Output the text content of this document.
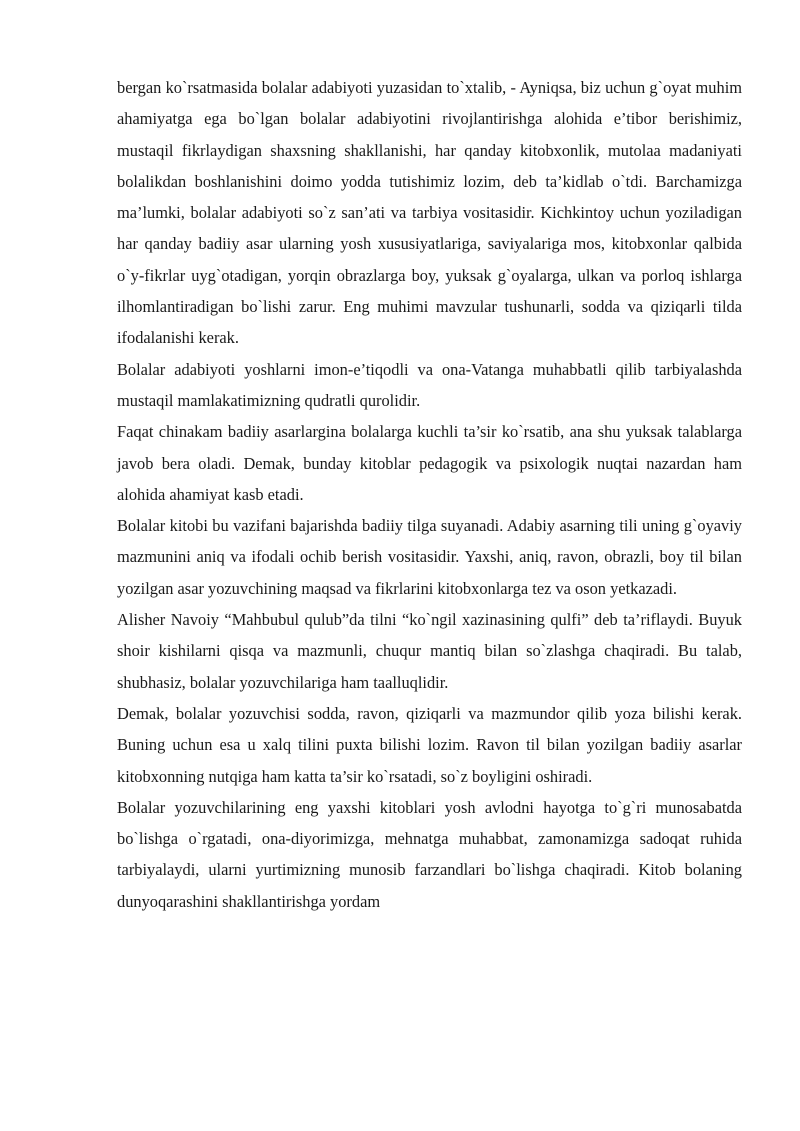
bergan ko`rsatmasida bolalar adabiyoti yuzasidan to`xtalib, - Ayniqsa, biz uchun g`oyat muhim ahamiyatga ega bo`lgan bolalar adabiyotini rivojlantirishga alohida e’tibor berishimiz, mustaqil fikrlaydigan shaxsning shakllanishi, har qanday kitobxonlik, mutolaa madaniyati bolalikdan boshlanishini doimo yodda tutishimiz lozim, deb ta’kidlab o`tdi. Barchamizga ma’lumki, bolalar adabiyoti so`z san’ati va tarbiya vositasidir. Kichkintoy uchun yoziladigan har qanday badiiy asar ularning yosh xususiyatlariga, saviyalariga mos, kitobxonlar qalbida o`y-fikrlar uyg`otadigan, yorqin obrazlarga boy, yuksak g`oyalarga, ulkan va porloq ishlarga ilhomlantiradigan bo`lishi zarur. Eng muhimi mavzular tushunarli, sodda va qiziqarli tilda ifodalanishi kerak.

Bolalar adabiyoti yoshlarni imon-e’tiqodli va ona-Vatanga muhabbatli qilib tarbiyalashda mustaqil mamlakatimizning qudratli qurolidir.

Faqat chinakam badiiy asarlargina bolalarga kuchli ta’sir ko`rsatib, ana shu yuksak talablarga javob bera oladi. Demak, bunday kitoblar pedagogik va psixologik nuqtai nazardan ham alohida ahamiyat kasb etadi.

Bolalar kitobi bu vazifani bajarishda badiiy tilga suyanadi. Adabiy asarning tili uning g`oyaviy mazmunini aniq va ifodali ochib berish vositasidir. Yaxshi, aniq, ravon, obrazli, boy til bilan yozilgan asar yozuvchining maqsad va fikrlarini kitobxonlarga tez va oson yetkazadi.

Alisher Navoiy “Mahbubul qulub”da tilni “ko`ngil xazinasining qulfi” deb ta’riflaydi. Buyuk shoir kishilarni qisqa va mazmunli, chuqur mantiq bilan so`zlashga chaqiradi. Bu talab, shubhasiz, bolalar yozuvchilariga ham taalluqlidir.

Demak, bolalar yozuvchisi sodda, ravon, qiziqarli va mazmundor qilib yoza bilishi kerak. Buning uchun esa u xalq tilini puxta bilishi lozim. Ravon til bilan yozilgan badiiy asarlar kitobxonning nutqiga ham katta ta’sir ko`rsatadi, so`z boyligini oshiradi.

Bolalar yozuvchilarining eng yaxshi kitoblari yosh avlodni hayotga to`g`ri munosabatda bo`lishga o`rgatadi, ona-diyorimizga, mehnatga muhabbat, zamonamizga sadoqat ruhida tarbiyalaydi, ularni yurtimizning munosib farzandlari bo`lishga chaqiradi. Kitob bolaning dunyoqarashini shakllantirishga yordam
